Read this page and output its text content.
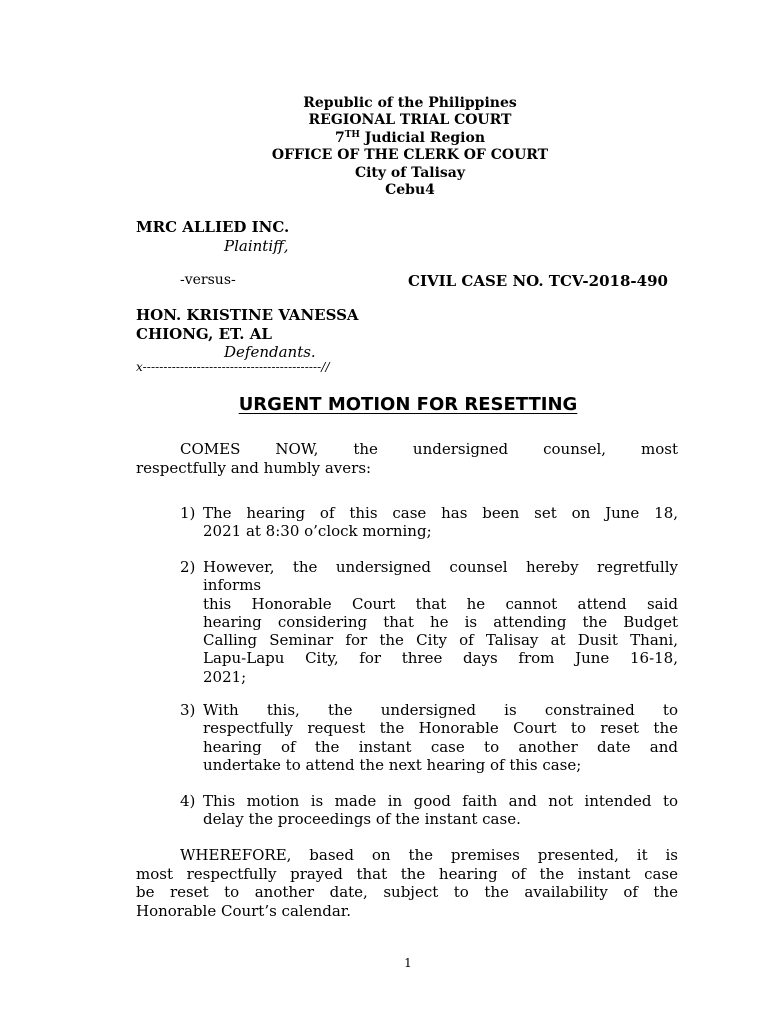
Republic of the Philippines
REGIONAL TRIAL COURT
7TH Judicial Region
OFFICE OF THE CLERK OF COURT
City of Talisay
Cebu4
MRC ALLIED INC.
Plaintiff,
-versus-	CIVIL CASE NO. TCV-2018-490
HON. KRISTINE VANESSA
CHIONG, ET. AL
Defendants.
x-------------------------------------------//
URGENT MOTION FOR RESETTING
COMES NOW, the undersigned counsel, most
respectfully and humbly avers:
1) The hearing of this case has been set on June 18,
2021 at 8:30 o’clock morning;
2) However, the undersigned counsel hereby regretfully
informs
this Honorable Court that he cannot attend said
hearing considering that he is attending the Budget
Calling Seminar for the City of Talisay at Dusit Thani,
Lapu-Lapu City, for three days from June 16-18,
2021;
3) With this, the undersigned is constrained to
respectfully request the Honorable Court to reset the
hearing of the instant case to another date and
undertake to attend the next hearing of this case;
4) This motion is made in good faith and not intended to
delay the proceedings of the instant case.
WHEREFORE, based on the premises presented, it is
most respectfully prayed that the hearing of the instant case
be reset to another date, subject to the availability of the
Honorable Court’s calendar.
1
